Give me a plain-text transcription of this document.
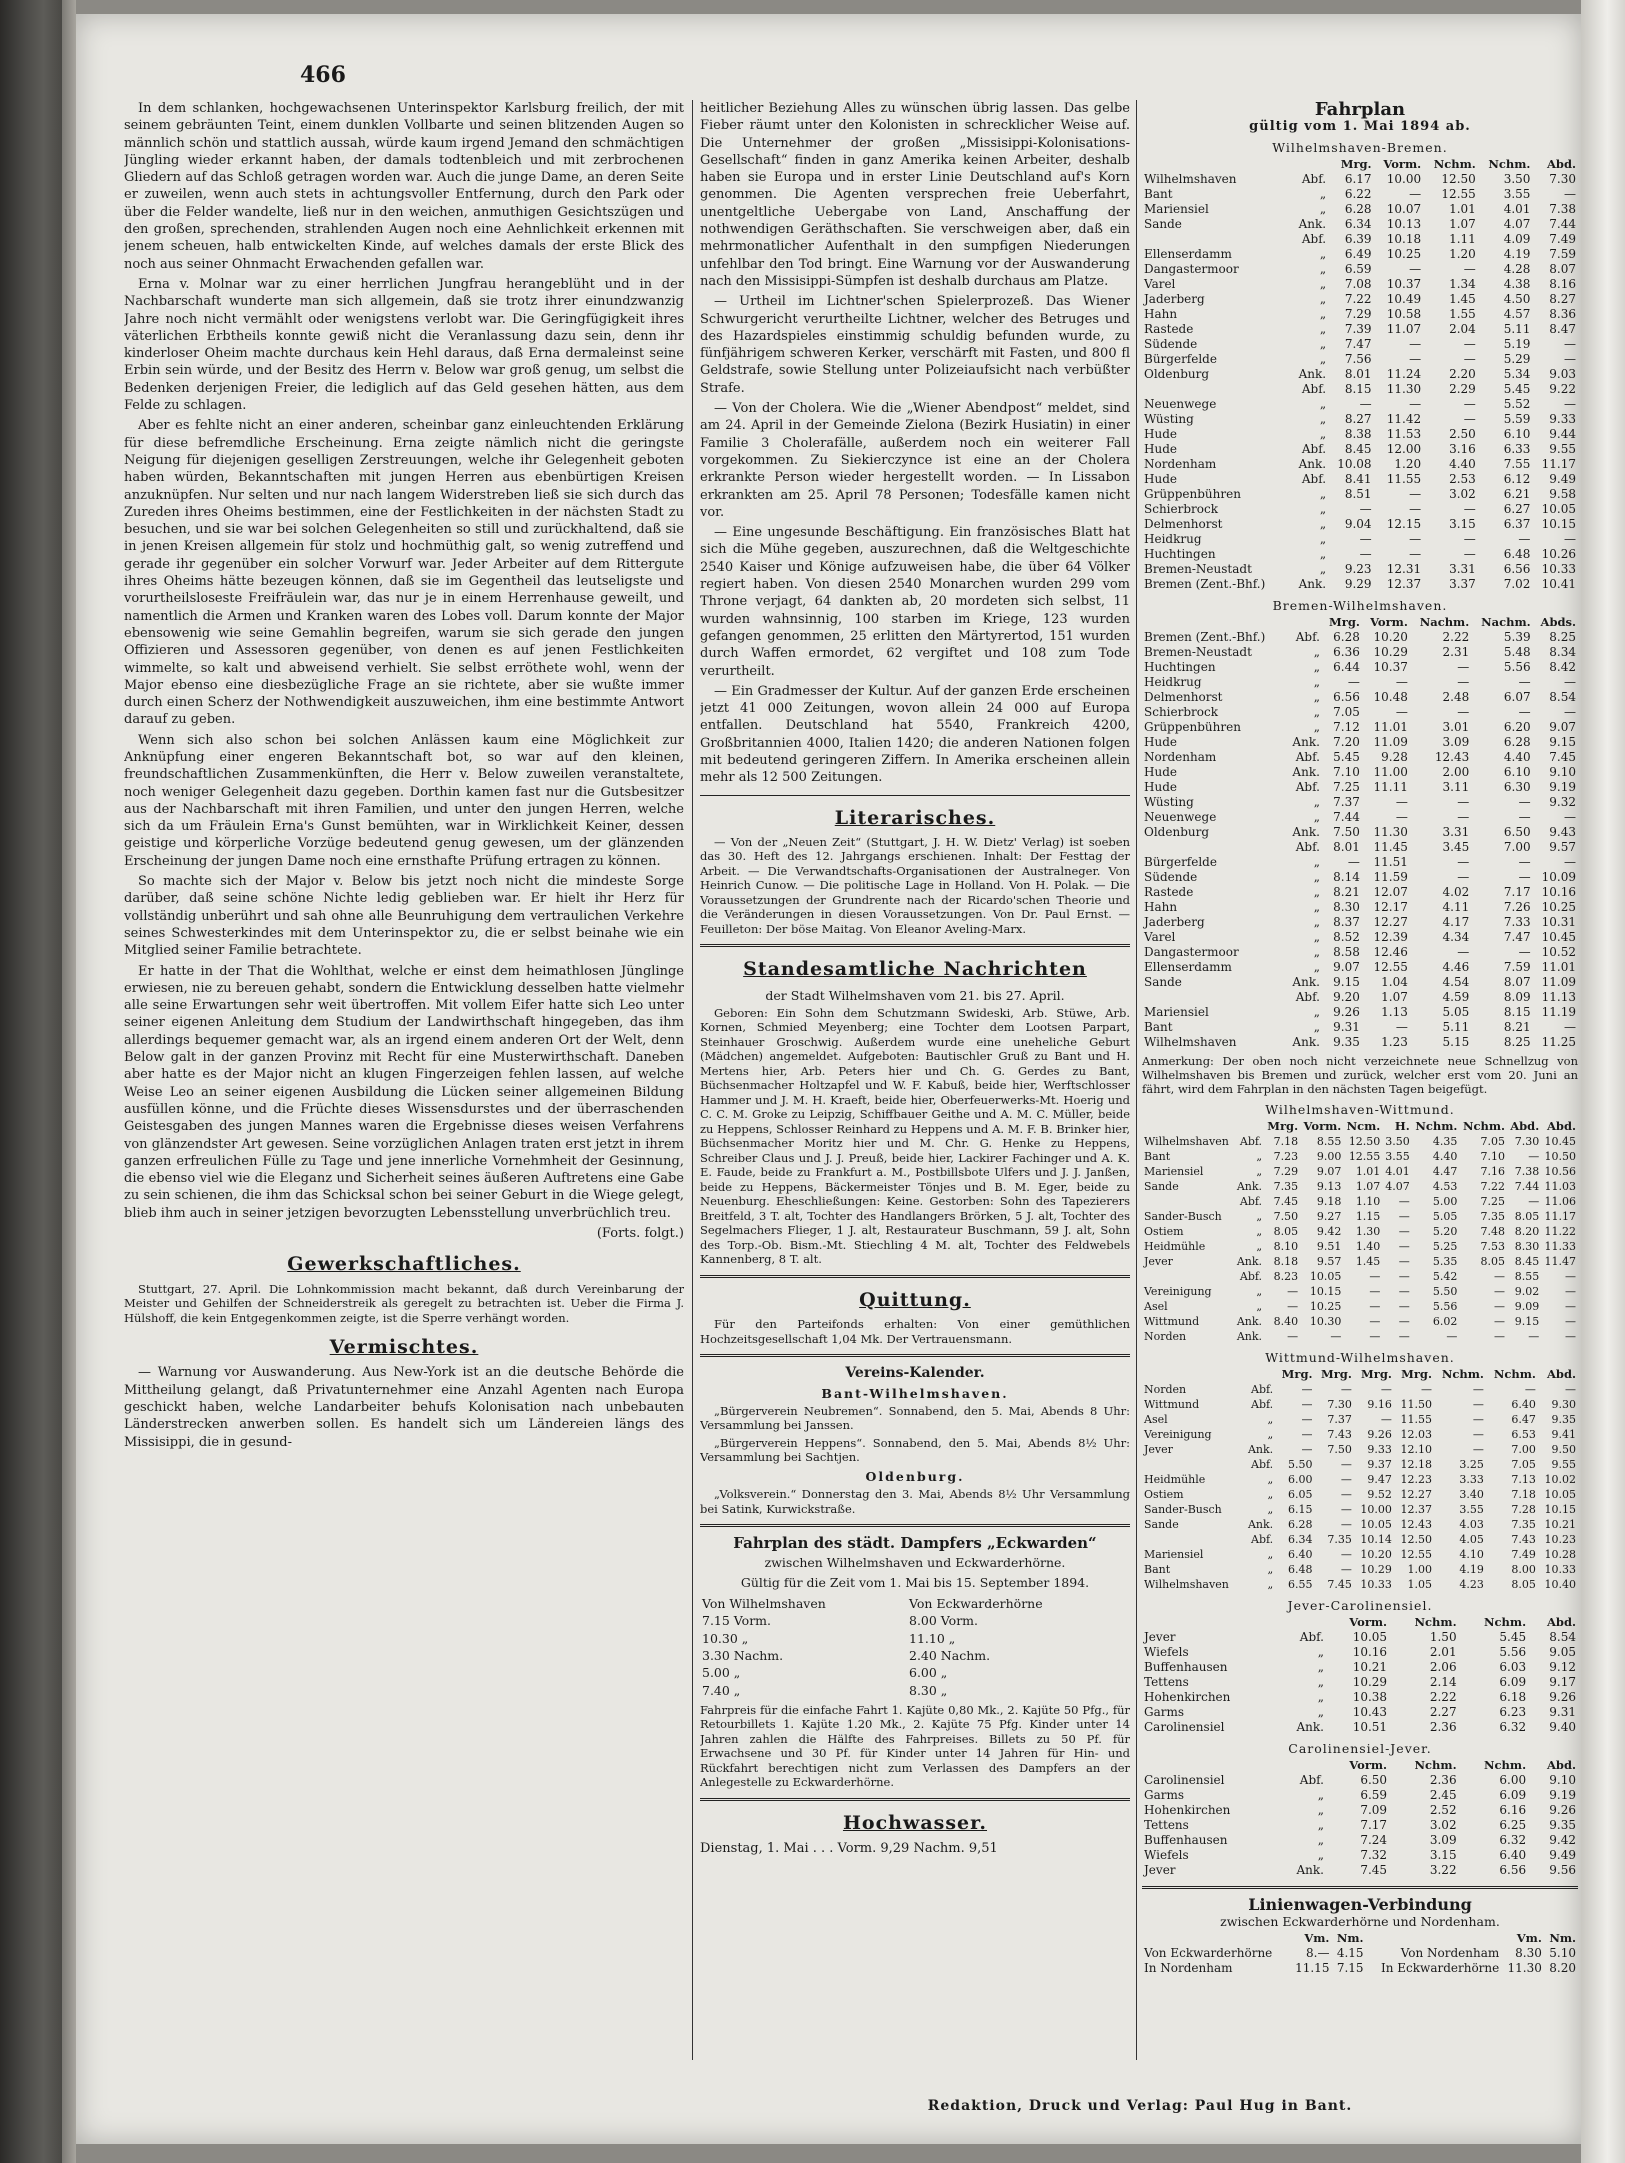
466

In dem schlanken, hochgewachsenen Unterinspektor Karlsburg freilich, der mit seinem gebräunten Teint, einem dunklen Vollbarte und seinen blitzenden Augen so männlich schön und stattlich aussah, würde kaum irgend Jemand den schmächtigen Jüngling wieder erkannt haben, der damals todtenbleich und mit zerbrochenen Gliedern auf das Schloß getragen worden war. Auch die junge Dame, an deren Seite er zuweilen, wenn auch stets in achtungsvoller Entfernung, durch den Park oder über die Felder wandelte, ließ nur in den weichen, anmuthigen Gesichtszügen und den großen, sprechenden, strahlenden Augen noch eine Aehnlichkeit erkennen mit jenem scheuen, halb entwickelten Kinde, auf welches damals der erste Blick des noch aus seiner Ohnmacht Erwachenden gefallen war.

Erna v. Molnar war zu einer herrlichen Jungfrau herangeblüht und in der Nachbarschaft wunderte man sich allgemein, daß sie trotz ihrer einundzwanzig Jahre noch nicht vermählt oder wenigstens verlobt war. Die Geringfügigkeit ihres väterlichen Erbtheils konnte gewiß nicht die Veranlassung dazu sein, denn ihr kinderloser Oheim machte durchaus kein Hehl daraus, daß Erna dermaleinst seine Erbin sein würde, und der Besitz des Herrn v. Below war groß genug, um selbst die Bedenken derjenigen Freier, die lediglich auf das Geld gesehen hätten, aus dem Felde zu schlagen.

Aber es fehlte nicht an einer anderen, scheinbar ganz einleuchtenden Erklärung für diese befremdliche Erscheinung. Erna zeigte nämlich nicht die geringste Neigung für diejenigen geselligen Zerstreuungen, welche ihr Gelegenheit geboten haben würden, Bekanntschaften mit jungen Herren aus ebenbürtigen Kreisen anzuknüpfen. Nur selten und nur nach langem Widerstreben ließ sie sich durch das Zureden ihres Oheims bestimmen, eine der Festlichkeiten in der nächsten Stadt zu besuchen, und sie war bei solchen Gelegenheiten so still und zurückhaltend, daß sie in jenen Kreisen allgemein für stolz und hochmüthig galt, so wenig zutreffend und gerade ihr gegenüber ein solcher Vorwurf war. Jeder Arbeiter auf dem Rittergute ihres Oheims hätte bezeugen können, daß sie im Gegentheil das leutseligste und vorurtheilsloseste Freifräulein war, das nur je in einem Herrenhause geweilt, und namentlich die Armen und Kranken waren des Lobes voll. Darum konnte der Major ebensowenig wie seine Gemahlin begreifen, warum sie sich gerade den jungen Offizieren und Assessoren gegenüber, von denen es auf jenen Festlichkeiten wimmelte, so kalt und abweisend verhielt. Sie selbst erröthete wohl, wenn der Major ebenso eine diesbezügliche Frage an sie richtete, aber sie wußte immer durch einen Scherz der Nothwendigkeit auszuweichen, ihm eine bestimmte Antwort darauf zu geben.

Wenn sich also schon bei solchen Anlässen kaum eine Möglichkeit zur Anknüpfung einer engeren Bekanntschaft bot, so war auf den kleinen, freundschaftlichen Zusammenkünften, die Herr v. Below zuweilen veranstaltete, noch weniger Gelegenheit dazu gegeben. Dorthin kamen fast nur die Gutsbesitzer aus der Nachbarschaft mit ihren Familien, und unter den jungen Herren, welche sich da um Fräulein Erna's Gunst bemühten, war in Wirklichkeit Keiner, dessen geistige und körperliche Vorzüge bedeutend genug gewesen, um der glänzenden Erscheinung der jungen Dame noch eine ernsthafte Prüfung ertragen zu können.

So machte sich der Major v. Below bis jetzt noch nicht die mindeste Sorge darüber, daß seine schöne Nichte ledig geblieben war. Er hielt ihr Herz für vollständig unberührt und sah ohne alle Beunruhigung dem vertraulichen Verkehre seines Schwesterkindes mit dem Unterinspektor zu, die er selbst beinahe wie ein Mitglied seiner Familie betrachtete.

Er hatte in der That die Wohlthat, welche er einst dem heimathlosen Jünglinge erwiesen, nie zu bereuen gehabt, sondern die Entwicklung desselben hatte vielmehr alle seine Erwartungen sehr weit übertroffen. Mit vollem Eifer hatte sich Leo unter seiner eigenen Anleitung dem Studium der Landwirthschaft hingegeben, das ihm allerdings bequemer gemacht war, als an irgend einem anderen Ort der Welt, denn Below galt in der ganzen Provinz mit Recht für eine Musterwirthschaft. Daneben aber hatte es der Major nicht an klugen Fingerzeigen fehlen lassen, auf welche Weise Leo an seiner eigenen Ausbildung die Lücken seiner allgemeinen Bildung ausfüllen könne, und die Früchte dieses Wissensdurstes und der überraschenden Geistesgaben des jungen Mannes waren die Ergebnisse dieses weisen Verfahrens von glänzendster Art gewesen. Seine vorzüglichen Anlagen traten erst jetzt in ihrem ganzen erfreulichen Fülle zu Tage und jene innerliche Vornehmheit der Gesinnung, die ebenso viel wie die Eleganz und Sicherheit seines äußeren Auftretens eine Gabe zu sein schienen, die ihm das Schicksal schon bei seiner Geburt in die Wiege gelegt, blieb ihm auch in seiner jetzigen bevorzugten Lebensstellung unverbrüchlich treu.

(Forts. folgt.)
Gewerkschaftliches.

Stuttgart, 27. April. Die Lohnkommission macht bekannt, daß durch Vereinbarung der Meister und Gehilfen der Schneiderstreik als geregelt zu betrachten ist. Ueber die Firma J. Hülshoff, die kein Entgegenkommen zeigte, ist die Sperre verhängt worden.

Vermischtes.

— Warnung vor Auswanderung. Aus New-York ist an die deutsche Behörde die Mittheilung gelangt, daß Privatunternehmer eine Anzahl Agenten nach Europa geschickt haben, welche Landarbeiter behufs Kolonisation nach unbebauten Länderstrecken anwerben sollen. Es handelt sich um Ländereien längs des Missisippi, die in gesund-

heitlicher Beziehung Alles zu wünschen übrig lassen. Das gelbe Fieber räumt unter den Kolonisten in schrecklicher Weise auf. Die Unternehmer der großen „Missisippi-Kolonisations-Gesellschaft“ finden in ganz Amerika keinen Arbeiter, deshalb haben sie Europa und in erster Linie Deutschland auf's Korn genommen. Die Agenten versprechen freie Ueberfahrt, unentgeltliche Uebergabe von Land, Anschaffung der nothwendigen Geräthschaften. Sie verschweigen aber, daß ein mehrmonatlicher Aufenthalt in den sumpfigen Niederungen unfehlbar den Tod bringt. Eine Warnung vor der Auswanderung nach den Missisippi-Sümpfen ist deshalb durchaus am Platze.

— Urtheil im Lichtner'schen Spielerprozeß. Das Wiener Schwurgericht verurtheilte Lichtner, welcher des Betruges und des Hazardspieles einstimmig schuldig befunden wurde, zu fünfjährigem schweren Kerker, verschärft mit Fasten, und 800 fl Geldstrafe, sowie Stellung unter Polizeiaufsicht nach verbüßter Strafe.

— Von der Cholera. Wie die „Wiener Abendpost“ meldet, sind am 24. April in der Gemeinde Zielona (Bezirk Husiatin) in einer Familie 3 Cholerafälle, außerdem noch ein weiterer Fall vorgekommen. Zu Siekierczynce ist eine an der Cholera erkrankte Person wieder hergestellt worden. — In Lissabon erkrankten am 25. April 78 Personen; Todesfälle kamen nicht vor.

— Eine ungesunde Beschäftigung. Ein französisches Blatt hat sich die Mühe gegeben, auszurechnen, daß die Weltgeschichte 2540 Kaiser und Könige aufzuweisen habe, die über 64 Völker regiert haben. Von diesen 2540 Monarchen wurden 299 vom Throne verjagt, 64 dankten ab, 20 mordeten sich selbst, 11 wurden wahnsinnig, 100 starben im Kriege, 123 wurden gefangen genommen, 25 erlitten den Märtyrertod, 151 wurden durch Waffen ermordet, 62 vergiftet und 108 zum Tode verurtheilt.

— Ein Gradmesser der Kultur. Auf der ganzen Erde erscheinen jetzt 41 000 Zeitungen, wovon allein 24 000 auf Europa entfallen. Deutschland hat 5540, Frankreich 4200, Großbritannien 4000, Italien 1420; die anderen Nationen folgen mit bedeutend geringeren Ziffern. In Amerika erscheinen allein mehr als 12 500 Zeitungen.

Literarisches.

— Von der „Neuen Zeit“ (Stuttgart, J. H. W. Dietz' Verlag) ist soeben das 30. Heft des 12. Jahrgangs erschienen. Inhalt: Der Festtag der Arbeit. — Die Verwandtschafts-Organisationen der Australneger. Von Heinrich Cunow. — Die politische Lage in Holland. Von H. Polak. — Die Voraussetzungen der Grundrente nach der Ricardo'schen Theorie und die Veränderungen in diesen Voraussetzungen. Von Dr. Paul Ernst. — Feuilleton: Der böse Maitag. Von Eleanor Aveling-Marx.

Standesamtliche Nachrichten
der Stadt Wilhelmshaven vom 21. bis 27. April.

Geboren: Ein Sohn dem Schutzmann Swideski, Arb. Stüwe, Arb. Kornen, Schmied Meyenberg; eine Tochter dem Lootsen Parpart, Steinhauer Groschwig. Außerdem wurde eine uneheliche Geburt (Mädchen) angemeldet. Aufgeboten: Bautischler Gruß zu Bant und H. Mertens hier, Arb. Peters hier und Ch. G. Gerdes zu Bant, Büchsenmacher Holtzapfel und W. F. Kabuß, beide hier, Werftschlosser Hammer und J. M. H. Kraeft, beide hier, Oberfeuerwerks-Mt. Hoerig und C. C. M. Groke zu Leipzig, Schiffbauer Geithe und A. M. C. Müller, beide zu Heppens, Schlosser Reinhard zu Heppens und A. M. F. B. Brinker hier, Büchsenmacher Moritz hier und M. Chr. G. Henke zu Heppens, Schreiber Claus und J. J. Preuß, beide hier, Lackirer Fachinger und A. K. E. Faude, beide zu Frankfurt a. M., Postbillsbote Ulfers und J. J. Janßen, beide zu Heppens, Bäckermeister Tönjes und B. M. Eger, beide zu Neuenburg. Eheschließungen: Keine. Gestorben: Sohn des Tapezierers Breitfeld, 3 T. alt, Tochter des Handlangers Brörken, 5 J. alt, Tochter des Segelmachers Flieger, 1 J. alt, Restaurateur Buschmann, 59 J. alt, Sohn des Torp.-Ob. Bism.-Mt. Stiechling 4 M. alt, Tochter des Feldwebels Kannenberg, 8 T. alt.

Quittung.

Für den Parteifonds erhalten: Von einer gemüthlichen Hochzeitsgesellschaft 1,04 Mk. Der Vertrauensmann.

Vereins-Kalender.
Bant-Wilhelmshaven.

„Bürgerverein Neubremen“. Sonnabend, den 5. Mai, Abends 8 Uhr: Versammlung bei Janssen.

„Bürgerverein Heppens“. Sonnabend, den 5. Mai, Abends 8½ Uhr: Versammlung bei Sachtjen.

Oldenburg.

„Volksverein.“ Donnerstag den 3. Mai, Abends 8½ Uhr Versammlung bei Satink, Kurwickstraße.

Fahrplan des städt. Dampfers „Eckwarden“
zwischen Wilhelmshaven und Eckwarderhörne.
Gültig für die Zeit vom 1. Mai bis 15. September 1894.
Von Wilhelmshaven	Von Eckwarderhörne
7.15 Vorm.	8.00 Vorm.
10.30 „	11.10 „
3.30 Nachm.	2.40 Nachm.
5.00 „	6.00 „
7.40 „	8.30 „

Fahrpreis für die einfache Fahrt 1. Kajüte 0,80 Mk., 2. Kajüte 50 Pfg., für Retourbillets 1. Kajüte 1.20 Mk., 2. Kajüte 75 Pfg. Kinder unter 14 Jahren zahlen die Hälfte des Fahrpreises. Billets zu 50 Pf. für Erwachsene und 30 Pf. für Kinder unter 14 Jahren für Hin- und Rückfahrt berechtigen nicht zum Verlassen des Dampfers an der Anlegestelle zu Eckwarderhörne.

Hochwasser.

Dienstag, 1. Mai . . . Vorm. 9,29 Nachm. 9,51

Fahrplan
gültig vom 1. Mai 1894 ab.
Wilhelmshaven-Bremen.
		Mrg.	Vorm.	Nchm.	Nchm.	Abd.
Wilhelmshaven	Abf.	6.17	10.00	12.50	3.50	7.30
Bant	„	6.22	—	12.55	3.55	—
Mariensiel	„	6.28	10.07	1.01	4.01	7.38
Sande	Ank.	6.34	10.13	1.07	4.07	7.44
	Abf.	6.39	10.18	1.11	4.09	7.49
Ellenserdamm	„	6.49	10.25	1.20	4.19	7.59
Dangastermoor	„	6.59	—	—	4.28	8.07
Varel	„	7.08	10.37	1.34	4.38	8.16
Jaderberg	„	7.22	10.49	1.45	4.50	8.27
Hahn	„	7.29	10.58	1.55	4.57	8.36
Rastede	„	7.39	11.07	2.04	5.11	8.47
Südende	„	7.47	—	—	5.19	—
Bürgerfelde	„	7.56	—	—	5.29	—
Oldenburg	Ank.	8.01	11.24	2.20	5.34	9.03
	Abf.	8.15	11.30	2.29	5.45	9.22
Neuenwege	„	—	—	—	5.52	—
Wüsting	„	8.27	11.42	—	5.59	9.33
Hude	„	8.38	11.53	2.50	6.10	9.44
Hude	Abf.	8.45	12.00	3.16	6.33	9.55
Nordenham	Ank.	10.08	1.20	4.40	7.55	11.17
Hude	Abf.	8.41	11.55	2.53	6.12	9.49
Grüppenbühren	„	8.51	—	3.02	6.21	9.58
Schierbrock	„	—	—	—	6.27	10.05
Delmenhorst	„	9.04	12.15	3.15	6.37	10.15
Heidkrug	„	—	—	—	—	—
Huchtingen	„	—	—	—	6.48	10.26
Bremen-Neustadt	„	9.23	12.31	3.31	6.56	10.33
Bremen (Zent.-Bhf.)	Ank.	9.29	12.37	3.37	7.02	10.41
Bremen-Wilhelmshaven.
		Mrg.	Vorm.	Nachm.	Nachm.	Abds.
Bremen (Zent.-Bhf.)	Abf.	6.28	10.20	2.22	5.39	8.25
Bremen-Neustadt	„	6.36	10.29	2.31	5.48	8.34
Huchtingen	„	6.44	10.37	—	5.56	8.42
Heidkrug	„	—	—	—	—	—
Delmenhorst	„	6.56	10.48	2.48	6.07	8.54
Schierbrock	„	7.05	—	—	—	—
Grüppenbühren	„	7.12	11.01	3.01	6.20	9.07
Hude	Ank.	7.20	11.09	3.09	6.28	9.15
Nordenham	Abf.	5.45	9.28	12.43	4.40	7.45
Hude	Ank.	7.10	11.00	2.00	6.10	9.10
Hude	Abf.	7.25	11.11	3.11	6.30	9.19
Wüsting	„	7.37	—	—	—	9.32
Neuenwege	„	7.44	—	—	—	—
Oldenburg	Ank.	7.50	11.30	3.31	6.50	9.43
	Abf.	8.01	11.45	3.45	7.00	9.57
Bürgerfelde	„	—	11.51	—	—	—
Südende	„	8.14	11.59	—	—	10.09
Rastede	„	8.21	12.07	4.02	7.17	10.16
Hahn	„	8.30	12.17	4.11	7.26	10.25
Jaderberg	„	8.37	12.27	4.17	7.33	10.31
Varel	„	8.52	12.39	4.34	7.47	10.45
Dangastermoor	„	8.58	12.46	—	—	10.52
Ellenserdamm	„	9.07	12.55	4.46	7.59	11.01
Sande	Ank.	9.15	1.04	4.54	8.07	11.09
	Abf.	9.20	1.07	4.59	8.09	11.13
Mariensiel	„	9.26	1.13	5.05	8.15	11.19
Bant	„	9.31	—	5.11	8.21	—
Wilhelmshaven	Ank.	9.35	1.23	5.15	8.25	11.25
Anmerkung: Der oben noch nicht verzeichnete neue Schnellzug von Wilhelmshaven bis Bremen und zurück, welcher erst vom 20. Juni an fährt, wird dem Fahrplan in den nächsten Tagen beigefügt.
Wilhelmshaven-Wittmund.
		Mrg.	Vorm.	Ncm.	H.	Nchm.	Nchm.	Abd.	Abd.
Wilhelmshaven	Abf.	7.18	8.55	12.50	3.50	4.35	7.05	7.30	10.45
Bant	„	7.23	9.00	12.55	3.55	4.40	7.10	—	10.50
Mariensiel	„	7.29	9.07	1.01	4.01	4.47	7.16	7.38	10.56
Sande	Ank.	7.35	9.13	1.07	4.07	4.53	7.22	7.44	11.03
	Abf.	7.45	9.18	1.10	—	5.00	7.25	—	11.06
Sander-Busch	„	7.50	9.27	1.15	—	5.05	7.35	8.05	11.17
Ostiem	„	8.05	9.42	1.30	—	5.20	7.48	8.20	11.22
Heidmühle	„	8.10	9.51	1.40	—	5.25	7.53	8.30	11.33
Jever	Ank.	8.18	9.57	1.45	—	5.35	8.05	8.45	11.47
	Abf.	8.23	10.05	—	—	5.42	—	8.55	—
Vereinigung	„	—	10.15	—	—	5.50	—	9.02	—
Asel	„	—	10.25	—	—	5.56	—	9.09	—
Wittmund	Ank.	8.40	10.30	—	—	6.02	—	9.15	—
Norden	Ank.	—	—	—	—	—	—	—	—
Wittmund-Wilhelmshaven.
		Mrg.	Mrg.	Mrg.	Mrg.	Nchm.	Nchm.	Abd.
Norden	Abf.	—	—	—	—	—	—	—
Wittmund	Abf.	—	7.30	9.16	11.50	—	6.40	9.30
Asel	„	—	7.37	—	11.55	—	6.47	9.35
Vereinigung	„	—	7.43	9.26	12.03	—	6.53	9.41
Jever	Ank.	—	7.50	9.33	12.10	—	7.00	9.50
	Abf.	5.50	—	9.37	12.18	3.25	7.05	9.55
Heidmühle	„	6.00	—	9.47	12.23	3.33	7.13	10.02
Ostiem	„	6.05	—	9.52	12.27	3.40	7.18	10.05
Sander-Busch	„	6.15	—	10.00	12.37	3.55	7.28	10.15
Sande	Ank.	6.28	—	10.05	12.43	4.03	7.35	10.21
	Abf.	6.34	7.35	10.14	12.50	4.05	7.43	10.23
Mariensiel	„	6.40	—	10.20	12.55	4.10	7.49	10.28
Bant	„	6.48	—	10.29	1.00	4.19	8.00	10.33
Wilhelmshaven	„	6.55	7.45	10.33	1.05	4.23	8.05	10.40
Jever-Carolinensiel.
		Vorm.	Nchm.	Nchm.	Abd.
Jever	Abf.	10.05	1.50	5.45	8.54
Wiefels	„	10.16	2.01	5.56	9.05
Buffenhausen	„	10.21	2.06	6.03	9.12
Tettens	„	10.29	2.14	6.09	9.17
Hohenkirchen	„	10.38	2.22	6.18	9.26
Garms	„	10.43	2.27	6.23	9.31
Carolinensiel	Ank.	10.51	2.36	6.32	9.40
Carolinensiel-Jever.
		Vorm.	Nchm.	Nchm.	Abd.
Carolinensiel	Abf.	6.50	2.36	6.00	9.10
Garms	„	6.59	2.45	6.09	9.19
Hohenkirchen	„	7.09	2.52	6.16	9.26
Tettens	„	7.17	3.02	6.25	9.35
Buffenhausen	„	7.24	3.09	6.32	9.42
Wiefels	„	7.32	3.15	6.40	9.49
Jever	Ank.	7.45	3.22	6.56	9.56
Linienwagen-Verbindung
zwischen Eckwarderhörne und Nordenham.
	Vm.	Nm.		Vm.	Nm.
Von Eckwarderhörne	8.—	4.15	Von Nordenham	8.30	5.10
In Nordenham	11.15	7.15	In Eckwarderhörne	11.30	8.20
Redaktion, Druck und Verlag: Paul Hug in Bant.
